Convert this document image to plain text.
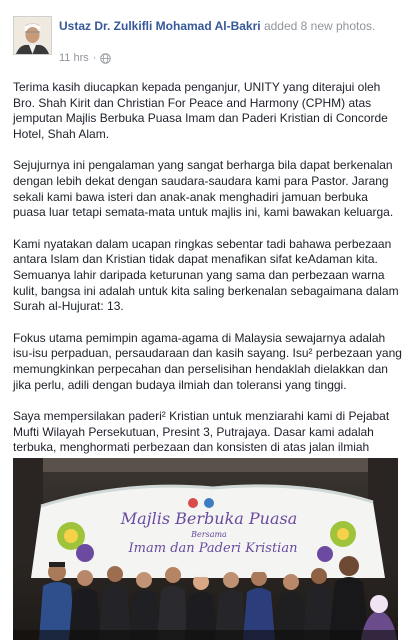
Ustaz Dr. Zulkifli Mohamad Al-Bakri added 8 new photos.
11 hrs ·

Terima kasih diucapkan kepada penganjur, UNITY yang diterajui oleh Bro. Shah Kirit dan Christian For Peace and Harmony (CPHM) atas jemputan Majlis Berbuka Puasa Imam dan Paderi Kristian di Concorde Hotel, Shah Alam.

Sejujurnya ini pengalaman yang sangat berharga bila dapat berkenalan dengan lebih dekat dengan saudara-saudara kami para Pastor. Jarang sekali kami bawa isteri dan anak-anak menghadiri jamuan berbuka puasa luar tetapi semata-mata untuk majlis ini, kami bawakan keluarga.

Kami nyatakan dalam ucapan ringkas sebentar tadi bahawa perbezaan antara Islam dan Kristian tidak dapat menafikan sifat keAdaman kita. Semuanya lahir daripada keturunan yang sama dan perbezaan warna kulit, bangsa ini adalah untuk kita saling berkenalan sebagaimana dalam Surah al-Hujurat: 13.

Fokus utama pemimpin agama-agama di Malaysia sewajarnya adalah isu-isu perpaduan, persaudaraan dan kasih sayang. Isu² perbezaan yang memungkinkan perpecahan dan perselisihan hendaklah dielakkan dan jika perlu, adili dengan budaya ilmiah dan toleransi yang tinggi.

Saya mempersilakan paderi² Kristian untuk menziarahi kami di Pejabat Mufti Wilayah Persekutuan, Presint 3, Putrajaya. Dasar kami adalah terbuka, menghormati perbezaan dan konsisten di atas jalan ilmiah

Majlis Berbuka Puasa
Bersama
Imam dan Paderi Kristian
